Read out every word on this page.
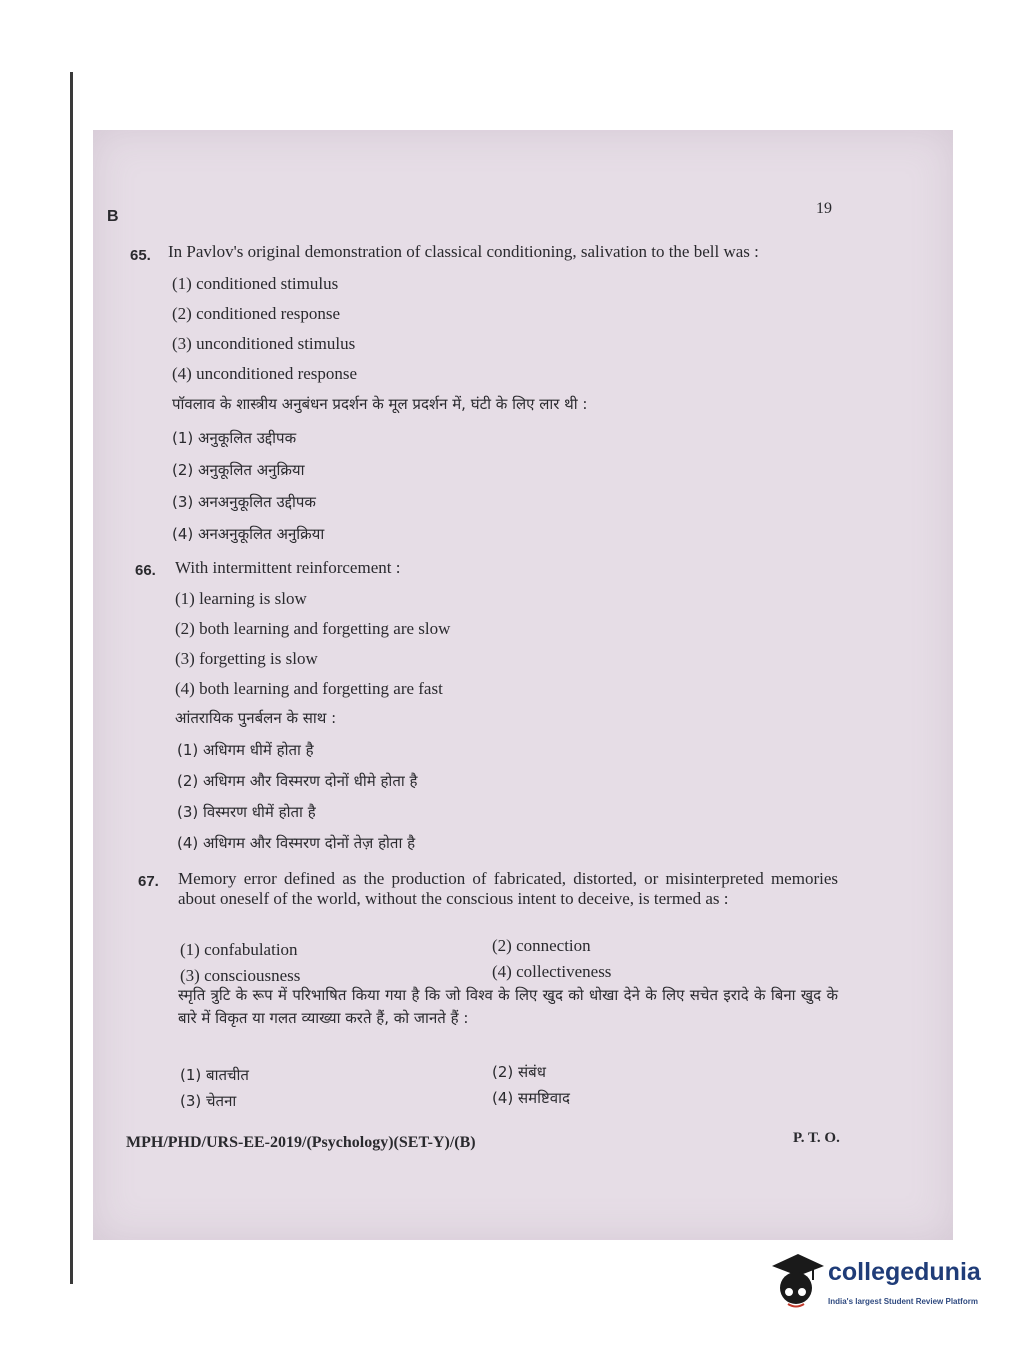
B	19
65. In Pavlov's original demonstration of classical conditioning, salivation to the bell was :
(1) conditioned stimulus
(2) conditioned response
(3) unconditioned stimulus
(4) unconditioned response
पॉवलाव के शास्त्रीय अनुबंधन प्रदर्शन के मूल प्रदर्शन में, घंटी के लिए लार थी :
(1) अनुकूलित उद्दीपक
(2) अनुकूलित अनुक्रिया
(3) अनअनुकूलित उद्दीपक
(4) अनअनुकूलित अनुक्रिया
66. With intermittent reinforcement :
(1) learning is slow
(2) both learning and forgetting are slow
(3) forgetting is slow
(4) both learning and forgetting are fast
आंतरायिक पुनर्बलन के साथ :
(1) अधिगम धीमें होता है
(2) अधिगम और विस्मरण दोनों धीमे होता है
(3) विस्मरण धीमें होता है
(4) अधिगम और विस्मरण दोनों तेज़ होता है
67. Memory error defined as the production of fabricated, distorted, or misinterpreted memories about oneself of the world, without the conscious intent to deceive, is termed as :
(1) confabulation	(2) connection
(3) consciousness	(4) collectiveness
स्मृति त्रुटि के रूप में परिभाषित किया गया है कि जो विश्व के लिए खुद को धोखा देने के लिए सचेत इरादे के बिना खुद के बारे में विकृत या गलत व्याख्या करते हैं, को जानते हैं :
(1) बातचीत	(2) संबंध
(3) चेतना	(4) समष्टिवाद
MPH/PHD/URS-EE-2019/(Psychology)(SET-Y)/(B)	P. T. O.
collegedunia
India's largest Student Review Platform
